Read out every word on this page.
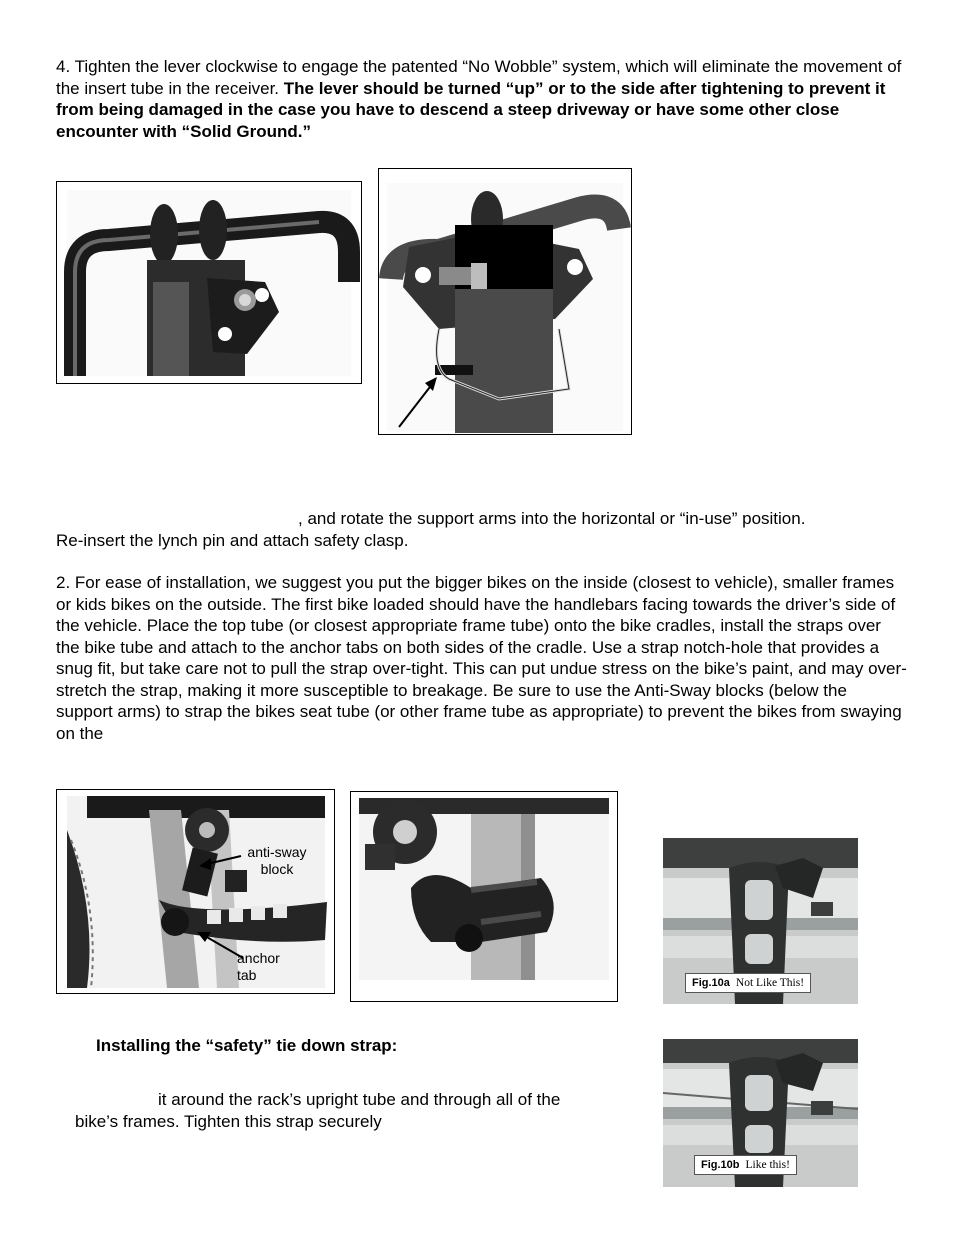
4. Tighten the lever clockwise to engage the patented “No Wobble” system, which will eliminate the movement of the insert tube in the receiver. The lever should be turned “up” or to the side after tightening to prevent it from being damaged in the case you have to descend a steep driveway or have some other close encounter with “Solid Ground.”

, and rotate the support arms into the horizontal or “in-use” position.

Re-insert the lynch pin and attach safety clasp.

2. For ease of installation, we suggest you put the bigger bikes on the inside (closest to vehicle), smaller frames or kids bikes on the outside. The first bike loaded should have the handlebars facing towards the driver’s side of the vehicle. Place the top tube (or closest appropriate frame tube) onto the bike cradles, install the straps over the bike tube and attach to the anchor tabs on both sides of the cradle. Use a strap notch-hole that provides a snug fit, but take care not to pull the strap over-tight. This can put undue stress on the bike’s paint, and may over-stretch the strap, making it more susceptible to breakage. Be sure to use the Anti-Sway blocks (below the support arms) to strap the bikes seat tube (or other frame tube as appropriate) to prevent the bikes from swaying on the

anti-sway
block
anchor
tab	Fig.10a Not Like This!
Fig.10b Like this!

Installing the “safety” tie down strap:

it around the rack’s upright tube and through all of the

bike’s frames. Tighten this strap securely
